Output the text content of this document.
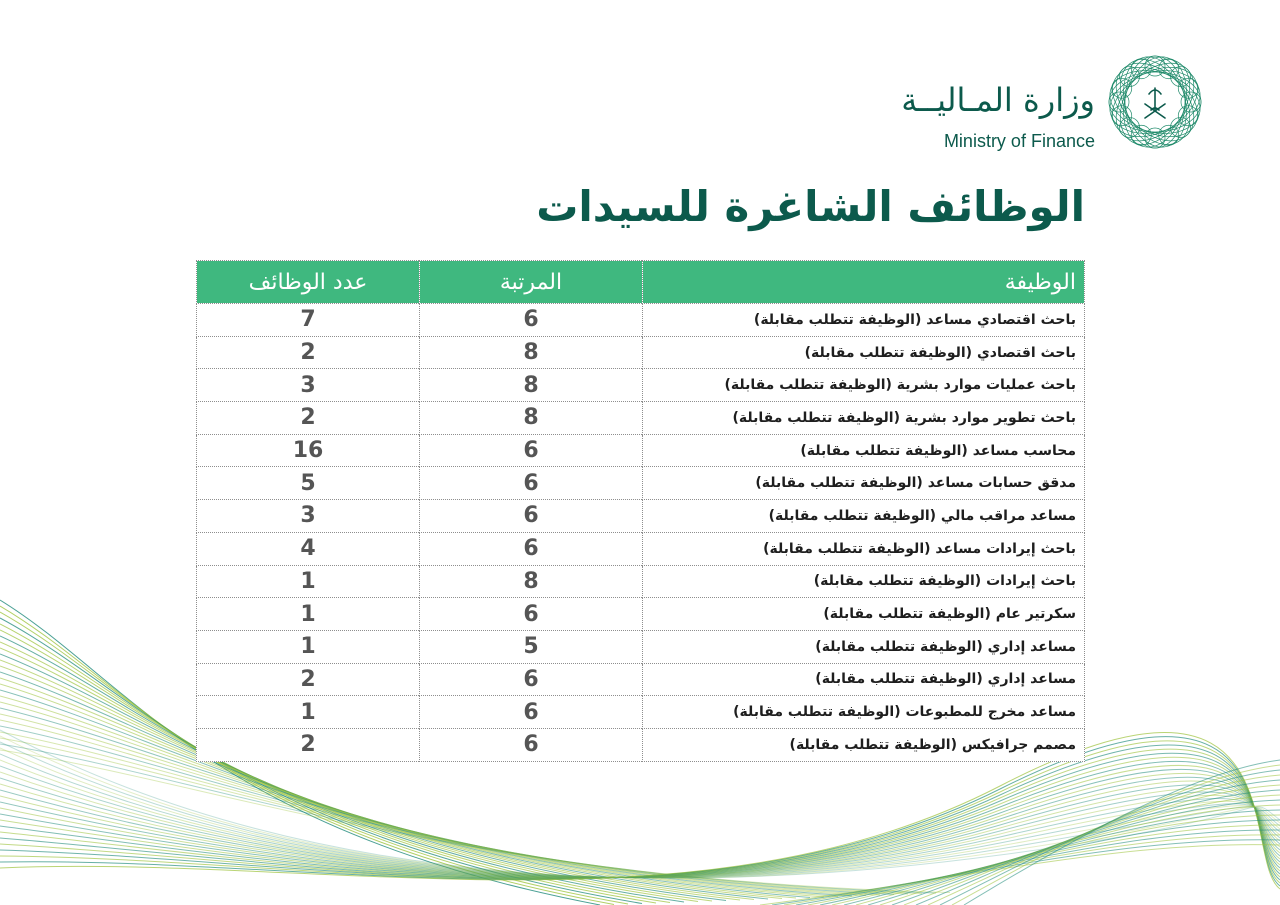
وزارة المـاليــة

Ministry of Finance

الوظائف الشاغرة للسيدات
الوظيفة	المرتبة	عدد الوظائف
باحث اقتصادي مساعد (الوظيفة تتطلب مقابلة)	6	7
باحث اقتصادي (الوظيفة تتطلب مقابلة)	8	2
باحث عمليات موارد بشرية (الوظيفة تتطلب مقابلة)	8	3
باحث تطوير موارد بشرية (الوظيفة تتطلب مقابلة)	8	2
محاسب مساعد (الوظيفة تتطلب مقابلة)	6	16
مدقق حسابات مساعد (الوظيفة تتطلب مقابلة)	6	5
مساعد مراقب مالي (الوظيفة تتطلب مقابلة)	6	3
باحث إيرادات مساعد (الوظيفة تتطلب مقابلة)	6	4
باحث إيرادات (الوظيفة تتطلب مقابلة)	8	1
سكرتير عام (الوظيفة تتطلب مقابلة)	6	1
مساعد إداري (الوظيفة تتطلب مقابلة)	5	1
مساعد إداري (الوظيفة تتطلب مقابلة)	6	2
مساعد مخرج للمطبوعات (الوظيفة تتطلب مقابلة)	6	1
مصمم جرافيكس (الوظيفة تتطلب مقابلة)	6	2
